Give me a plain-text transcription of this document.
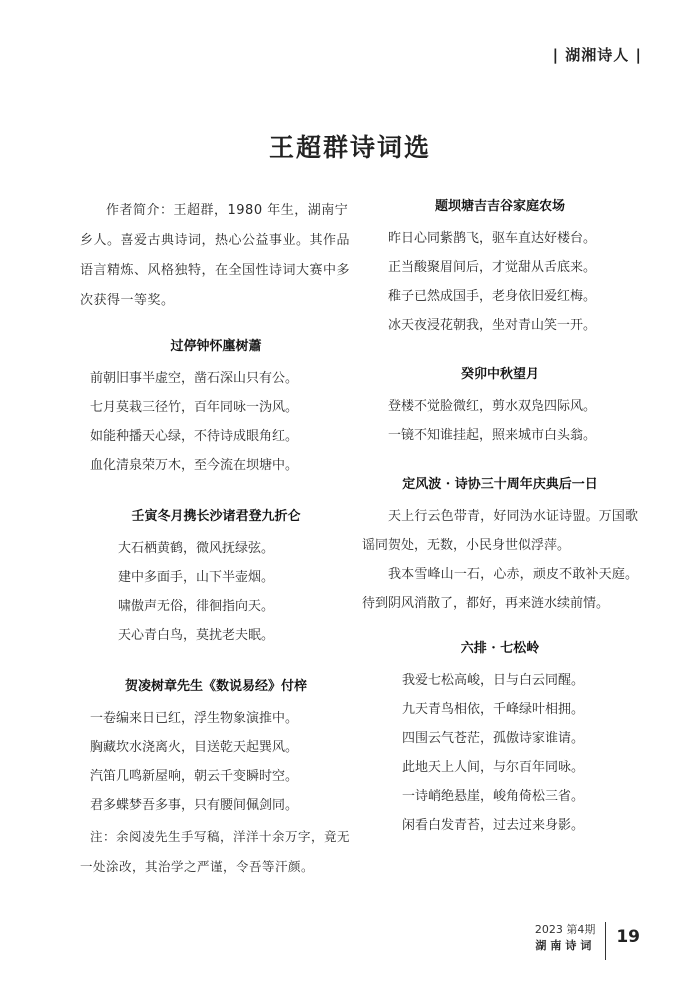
| 湖湘诗人 |
王超群诗词选

作者简介：王超群，1980 年生，湖南宁乡人。喜爱古典诗词，热心公益事业。其作品语言精炼、风格独特，在全国性诗词大赛中多次获得一等奖。

过停钟怀廛树蕭
前朝旧事半虚空，凿石深山只有公。
七月莫栽三径竹，百年同咏一沩风。
如能种播天心绿，不待诗成眼角红。
血化清泉荣万木，至今流在坝塘中。
壬寅冬月携长沙诸君登九折仑
大石栖黄鹤，微风抚绿弦。
建中多面手，山下半壶烟。
啸傲声无俗，徘徊指向天。
天心青白鸟，莫扰老夫眠。
贺凌树章先生《数说易经》付梓
一卷编来日已红，浮生物象演推中。
胸藏坎水浇离火，目送乾天起巽风。
汽笛几鸣新屋响，朝云千变瞬时空。
君多蝶梦吾多事，只有腰间佩剑同。

注：余阅凌先生手写稿，洋洋十余万字，竟无一处涂改，其治学之严谨，令吾等汗颜。

题坝塘吉吉谷家庭农场
昨日心同紫鹊飞，驱车直达好楼台。
正当酸聚眉间后，才觉甜从舌底来。
稚子已然成国手，老身依旧爱红梅。
冰天夜浸花朝我，坐对青山笑一开。
癸卯中秋望月
登楼不觉脸微红，剪水双凫四际风。
一镜不知谁挂起，照来城市白头翁。
定风波 · 诗协三十周年庆典后一日

天上行云色带青，好同沩水证诗盟。万国歌谣同贺处，无数，小民身世似浮萍。

我本雪峰山一石，心赤，顽皮不敢补天庭。待到阴风消散了，都好，再来涟水续前情。

六排 · 七松岭
我爱七松高峻，日与白云同醒。
九天青鸟相依，千峰绿叶相拥。
四围云气苍茫，孤傲诗家谁请。
此地天上人间，与尔百年同咏。
一诗峭绝悬崖，峻角倚松三省。
闲看白发青苔，过去过来身影。
2023 第4期
湖南诗词	19
